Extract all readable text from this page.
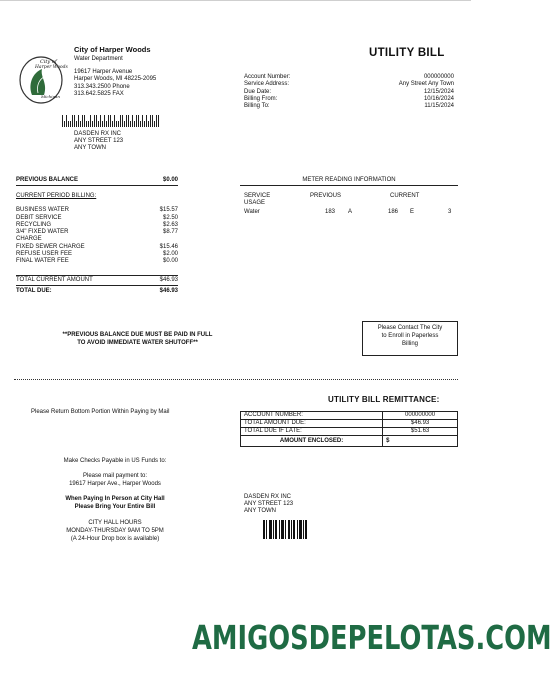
City of
Harper Woods
Michigan
City of Harper Woods
Water Department
19617 Harper Avenue
Harper Woods, MI 48225-2095
313.343.2500 Phone
313.642.5825 FAX
UTILITY BILL
Account Number:	000000000
Service Address:	Any Street Any Town
Due Date:	12/15/2024
Billing From:	10/16/2024
Billing To:	11/15/2024
DASDEN RX INC
ANY STREET 123
ANY TOWN
PREVIOUS BALANCE	$0.00
CURRENT PERIOD BILLING:
BUSINESS WATER	$15.57
DEBIT SERVICE	$2.50
RECYCLING	$2.63
3/4" FIXED WATER	$8.77
CHARGE
FIXED SEWER CHARGE	$15.46
REFUSE USER FEE	$2.00
FINAL WATER FEE	$0.00
TOTAL CURRENT AMOUNT	$46.93
TOTAL DUE:	$46.93
METER READING INFORMATION
SERVICE
USAGE
PREVIOUS	CURRENT
Water	183 A	186 E	3
**PREVIOUS BALANCE DUE MUST BE PAID IN FULL
TO AVOID IMMEDIATE WATER SHUTOFF**
Please Contact The City
to Enroll in Paperless
Billing
UTILITY BILL REMITTANCE:
Please Return Bottom Portion Within Paying by Mail	ACCOUNT NUMBER:	000000000
TOTAL AMOUNT DUE:	$46.93
TOTAL DUE IF LATE:	$51.63
AMOUNT ENCLOSED:	$
Make Checks Payable in US Funds to:
Please mail payment to:
19617 Harper Ave., Harper Woods
When Paying In Person at City Hall
Please Bring Your Entire Bill
CITY HALL HOURS
MONDAY-THURSDAY 9AM TO 5PM
(A 24-Hour Drop box is available)
DASDEN RX INC
ANY STREET 123
ANY TOWN
AMIGOSDEPELOTAS.COM
